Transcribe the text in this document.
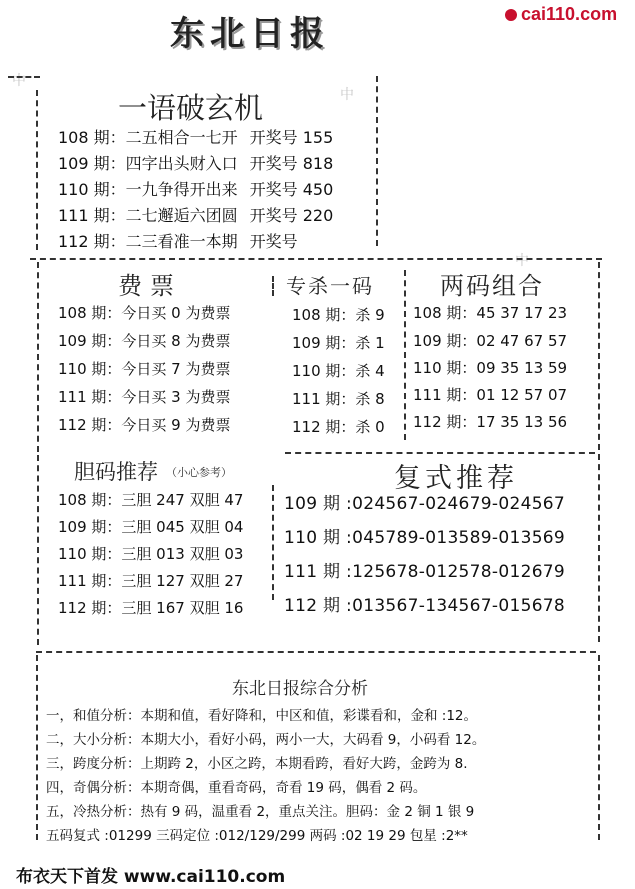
东北日报	cai110.com
中
中
中
一语破玄机
108 期：二五相合一七开 开奖号 155
109 期：四字出头财入口 开奖号 818
110 期：一九争得开出来 开奖号 450
111 期：二七邂逅六团圆 开奖号 220
112 期：二三看准一本期 开奖号
费票
108 期：今日买 0 为费票
109 期：今日买 8 为费票
110 期：今日买 7 为费票
111 期：今日买 3 为费票
112 期：今日买 9 为费票
专杀一码
108 期：杀 9
109 期：杀 1
110 期：杀 4
111 期：杀 8
112 期：杀 0
两码组合
108 期：45 37 17 23
109 期：02 47 67 57
110 期：09 35 13 59
111 期：01 12 57 07
112 期：17 35 13 56
胆码推荐 （小心参考）
108 期：三胆 247 双胆 47
109 期：三胆 045 双胆 04
110 期：三胆 013 双胆 03
111 期：三胆 127 双胆 27
112 期：三胆 167 双胆 16
复式推荐
109 期 :024567-024679-024567
110 期 :045789-013589-013569
111 期 :125678-012578-012679
112 期 :013567-134567-015678
东北日报综合分析
一，和值分析：本期和值，看好降和，中区和值，彩谍看和，金和 :12。
二，大小分析：本期大小，看好小码，两小一大，大码看 9，小码看 12。
三，跨度分析：上期跨 2，小区之跨，本期看跨，看好大跨，金跨为 8.
四，奇偶分析：本期奇偶，重看奇码，奇看 19 码，偶看 2 码。
五，冷热分析：热有 9 码，温重看 2，重点关注。胆码：金 2 铜 1 银 9
五码复式 :01299 三码定位 :012/129/299 两码 :02 19 29 包星 :2**
布衣天下首发 www.cai110.com
